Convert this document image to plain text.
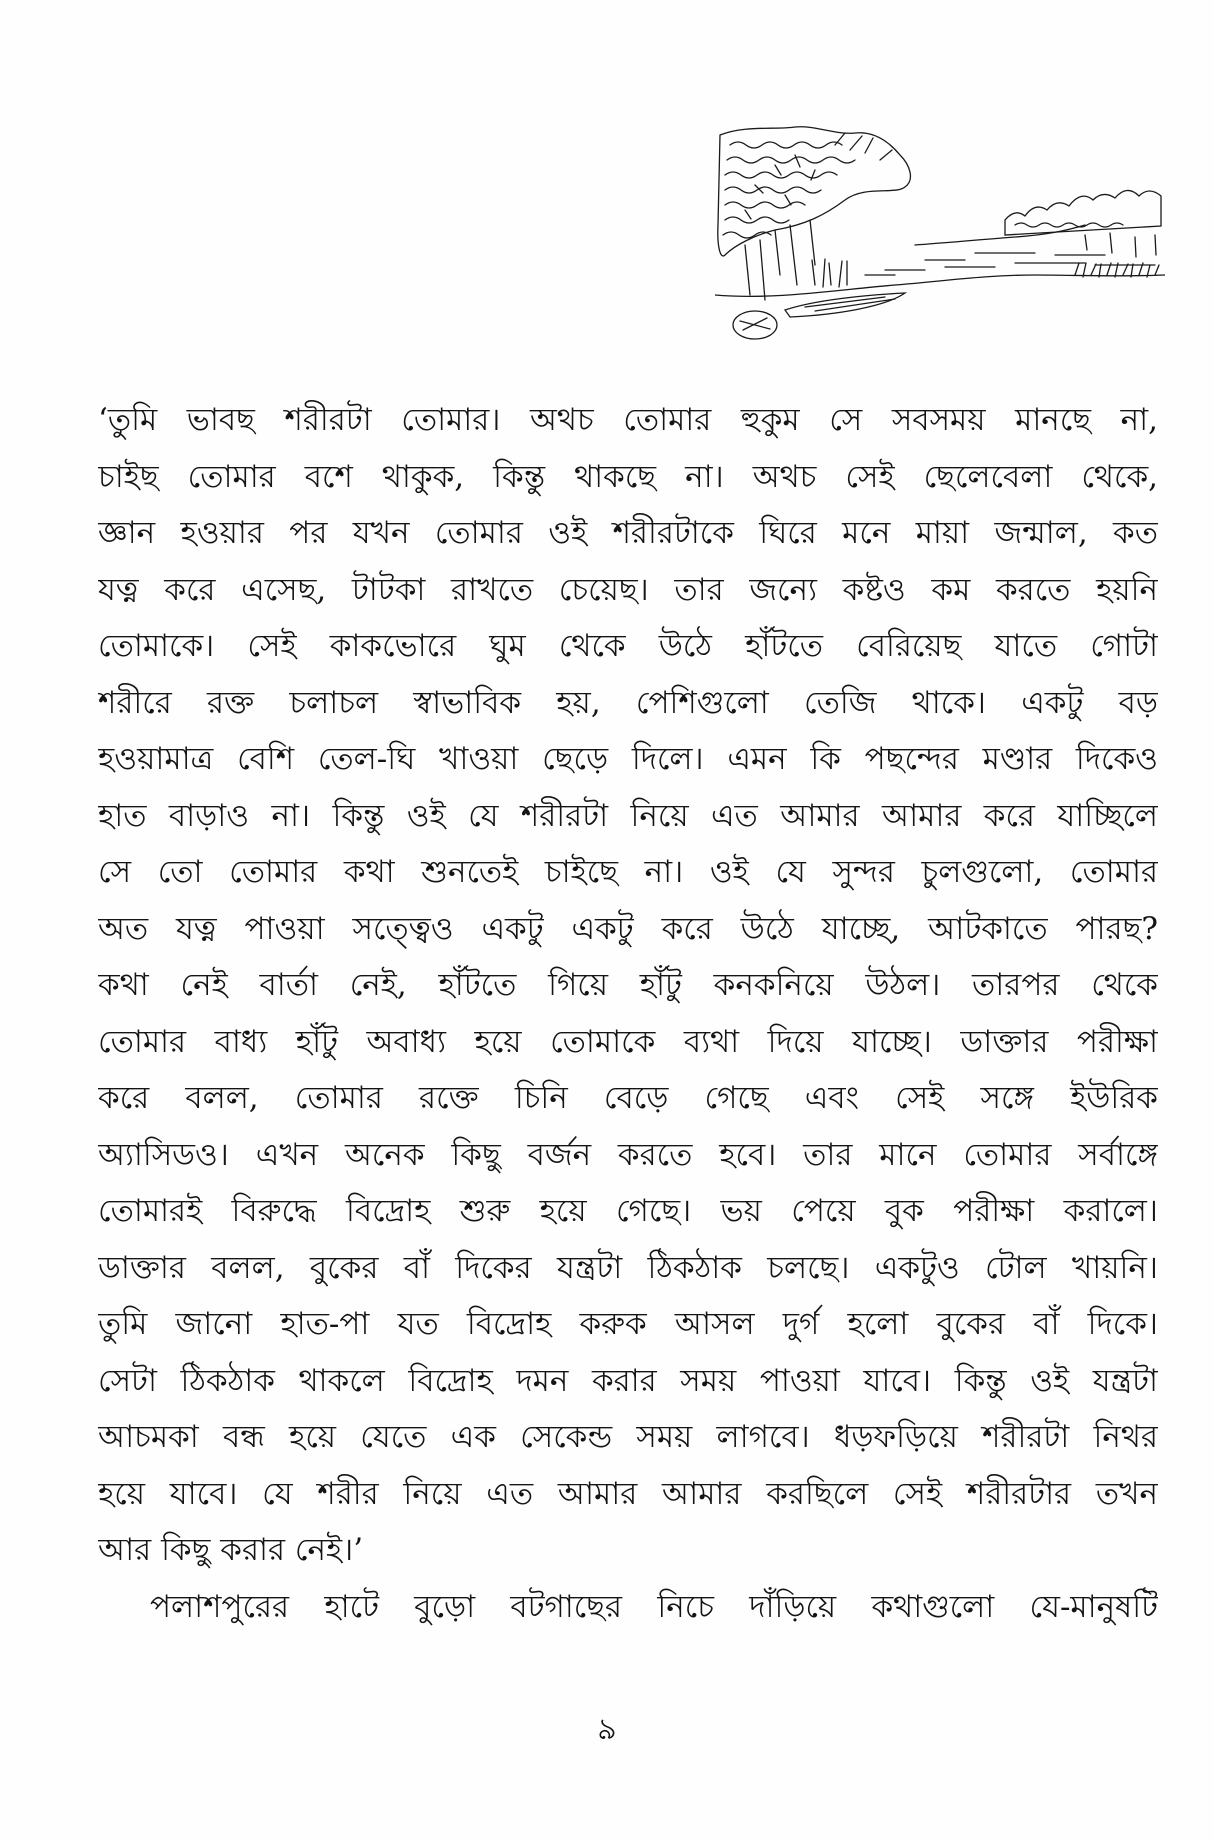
‘তুমি ভাবছ শরীরটা তোমার। অথচ তোমার হুকুম সে সবসময় মানছে না,
চাইছ তোমার বশে থাকুক, কিন্তু থাকছে না। অথচ সেই ছেলেবেলা থেকে,
জ্ঞান হওয়ার পর যখন তোমার ওই শরীরটাকে ঘিরে মনে মায়া জন্মাল, কত
যত্ন করে এসেছ, টাটকা রাখতে চেয়েছ। তার জন্যে কষ্টও কম করতে হয়নি
তোমাকে। সেই কাকভোরে ঘুম থেকে উঠে হাঁটতে বেরিয়েছ যাতে গোটা
শরীরে রক্ত চলাচল স্বাভাবিক হয়, পেশিগুলো তেজি থাকে। একটু বড়
হওয়ামাত্র বেশি তেল-ঘি খাওয়া ছেড়ে দিলে। এমন কি পছন্দের মণ্ডার দিকেও
হাত বাড়াও না। কিন্তু ওই যে শরীরটা নিয়ে এত আমার আমার করে যাচ্ছিলে
সে তো তোমার কথা শুনতেই চাইছে না। ওই যে সুন্দর চুলগুলো, তোমার
অত যত্ন পাওয়া সত্ত্বেও একটু একটু করে উঠে যাচ্ছে, আটকাতে পারছ?
কথা নেই বার্তা নেই, হাঁটতে গিয়ে হাঁটু কনকনিয়ে উঠল। তারপর থেকে
তোমার বাধ্য হাঁটু অবাধ্য হয়ে তোমাকে ব্যথা দিয়ে যাচ্ছে। ডাক্তার পরীক্ষা
করে বলল, তোমার রক্তে চিনি বেড়ে গেছে এবং সেই সঙ্গে ইউরিক
অ্যাসিডও। এখন অনেক কিছু বর্জন করতে হবে। তার মানে তোমার সর্বাঙ্গে
তোমারই বিরুদ্ধে বিদ্রোহ শুরু হয়ে গেছে। ভয় পেয়ে বুক পরীক্ষা করালে।
ডাক্তার বলল, বুকের বাঁ দিকের যন্ত্রটা ঠিকঠাক চলছে। একটুও টোল খায়নি।
তুমি জানো হাত-পা যত বিদ্রোহ করুক আসল দুর্গ হলো বুকের বাঁ দিকে।
সেটা ঠিকঠাক থাকলে বিদ্রোহ দমন করার সময় পাওয়া যাবে। কিন্তু ওই যন্ত্রটা
আচমকা বন্ধ হয়ে যেতে এক সেকেন্ড সময় লাগবে। ধড়ফড়িয়ে শরীরটা নিথর
হয়ে যাবে। যে শরীর নিয়ে এত আমার আমার করছিলে সেই শরীরটার তখন
আর কিছু করার নেই।’
পলাশপুরের হাটে বুড়ো বটগাছের নিচে দাঁড়িয়ে কথাগুলো যে-মানুষটি
৯
